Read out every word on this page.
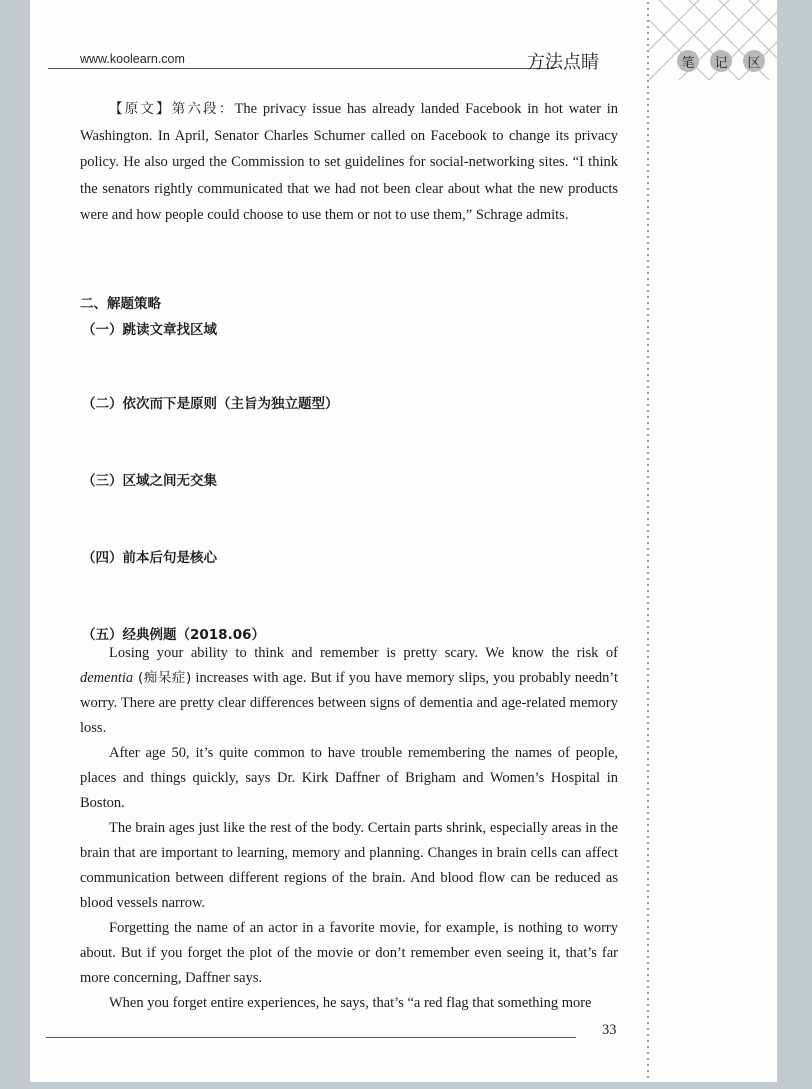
www.koolearn.com	方法点睛	笔	记	区

【原文】第六段：The privacy issue has already landed Facebook in hot water in Washington. In April, Senator Charles Schumer called on Facebook to change its privacy policy. He also urged the Commission to set guidelines for social-networking sites. “I think the senators rightly communicated that we had not been clear about what the new products were and how people could choose to use them or not to use them,” Schrage admits.

二、解题策略
（一）跳读文章找区域
（二）依次而下是原则（主旨为独立题型）
（三）区域之间无交集
（四）前本后句是核心
（五）经典例题（2018.06）

Losing your ability to think and remember is pretty scary. We know the risk of dementia (痴呆症) increases with age. But if you have memory slips, you probably needn’t worry. There are pretty clear differences between signs of dementia and age-related memory loss.

After age 50, it’s quite common to have trouble remembering the names of people, places and things quickly, says Dr. Kirk Daffner of Brigham and Women’s Hospital in Boston.

The brain ages just like the rest of the body. Certain parts shrink, especially areas in the brain that are important to learning, memory and planning. Changes in brain cells can affect communication between different regions of the brain. And blood flow can be reduced as blood vessels narrow.

Forgetting the name of an actor in a favorite movie, for example, is nothing to worry about. But if you forget the plot of the movie or don’t remember even seeing it, that’s far more concerning, Daffner says.

When you forget entire experiences, he says, that’s “a red flag that something more

33
